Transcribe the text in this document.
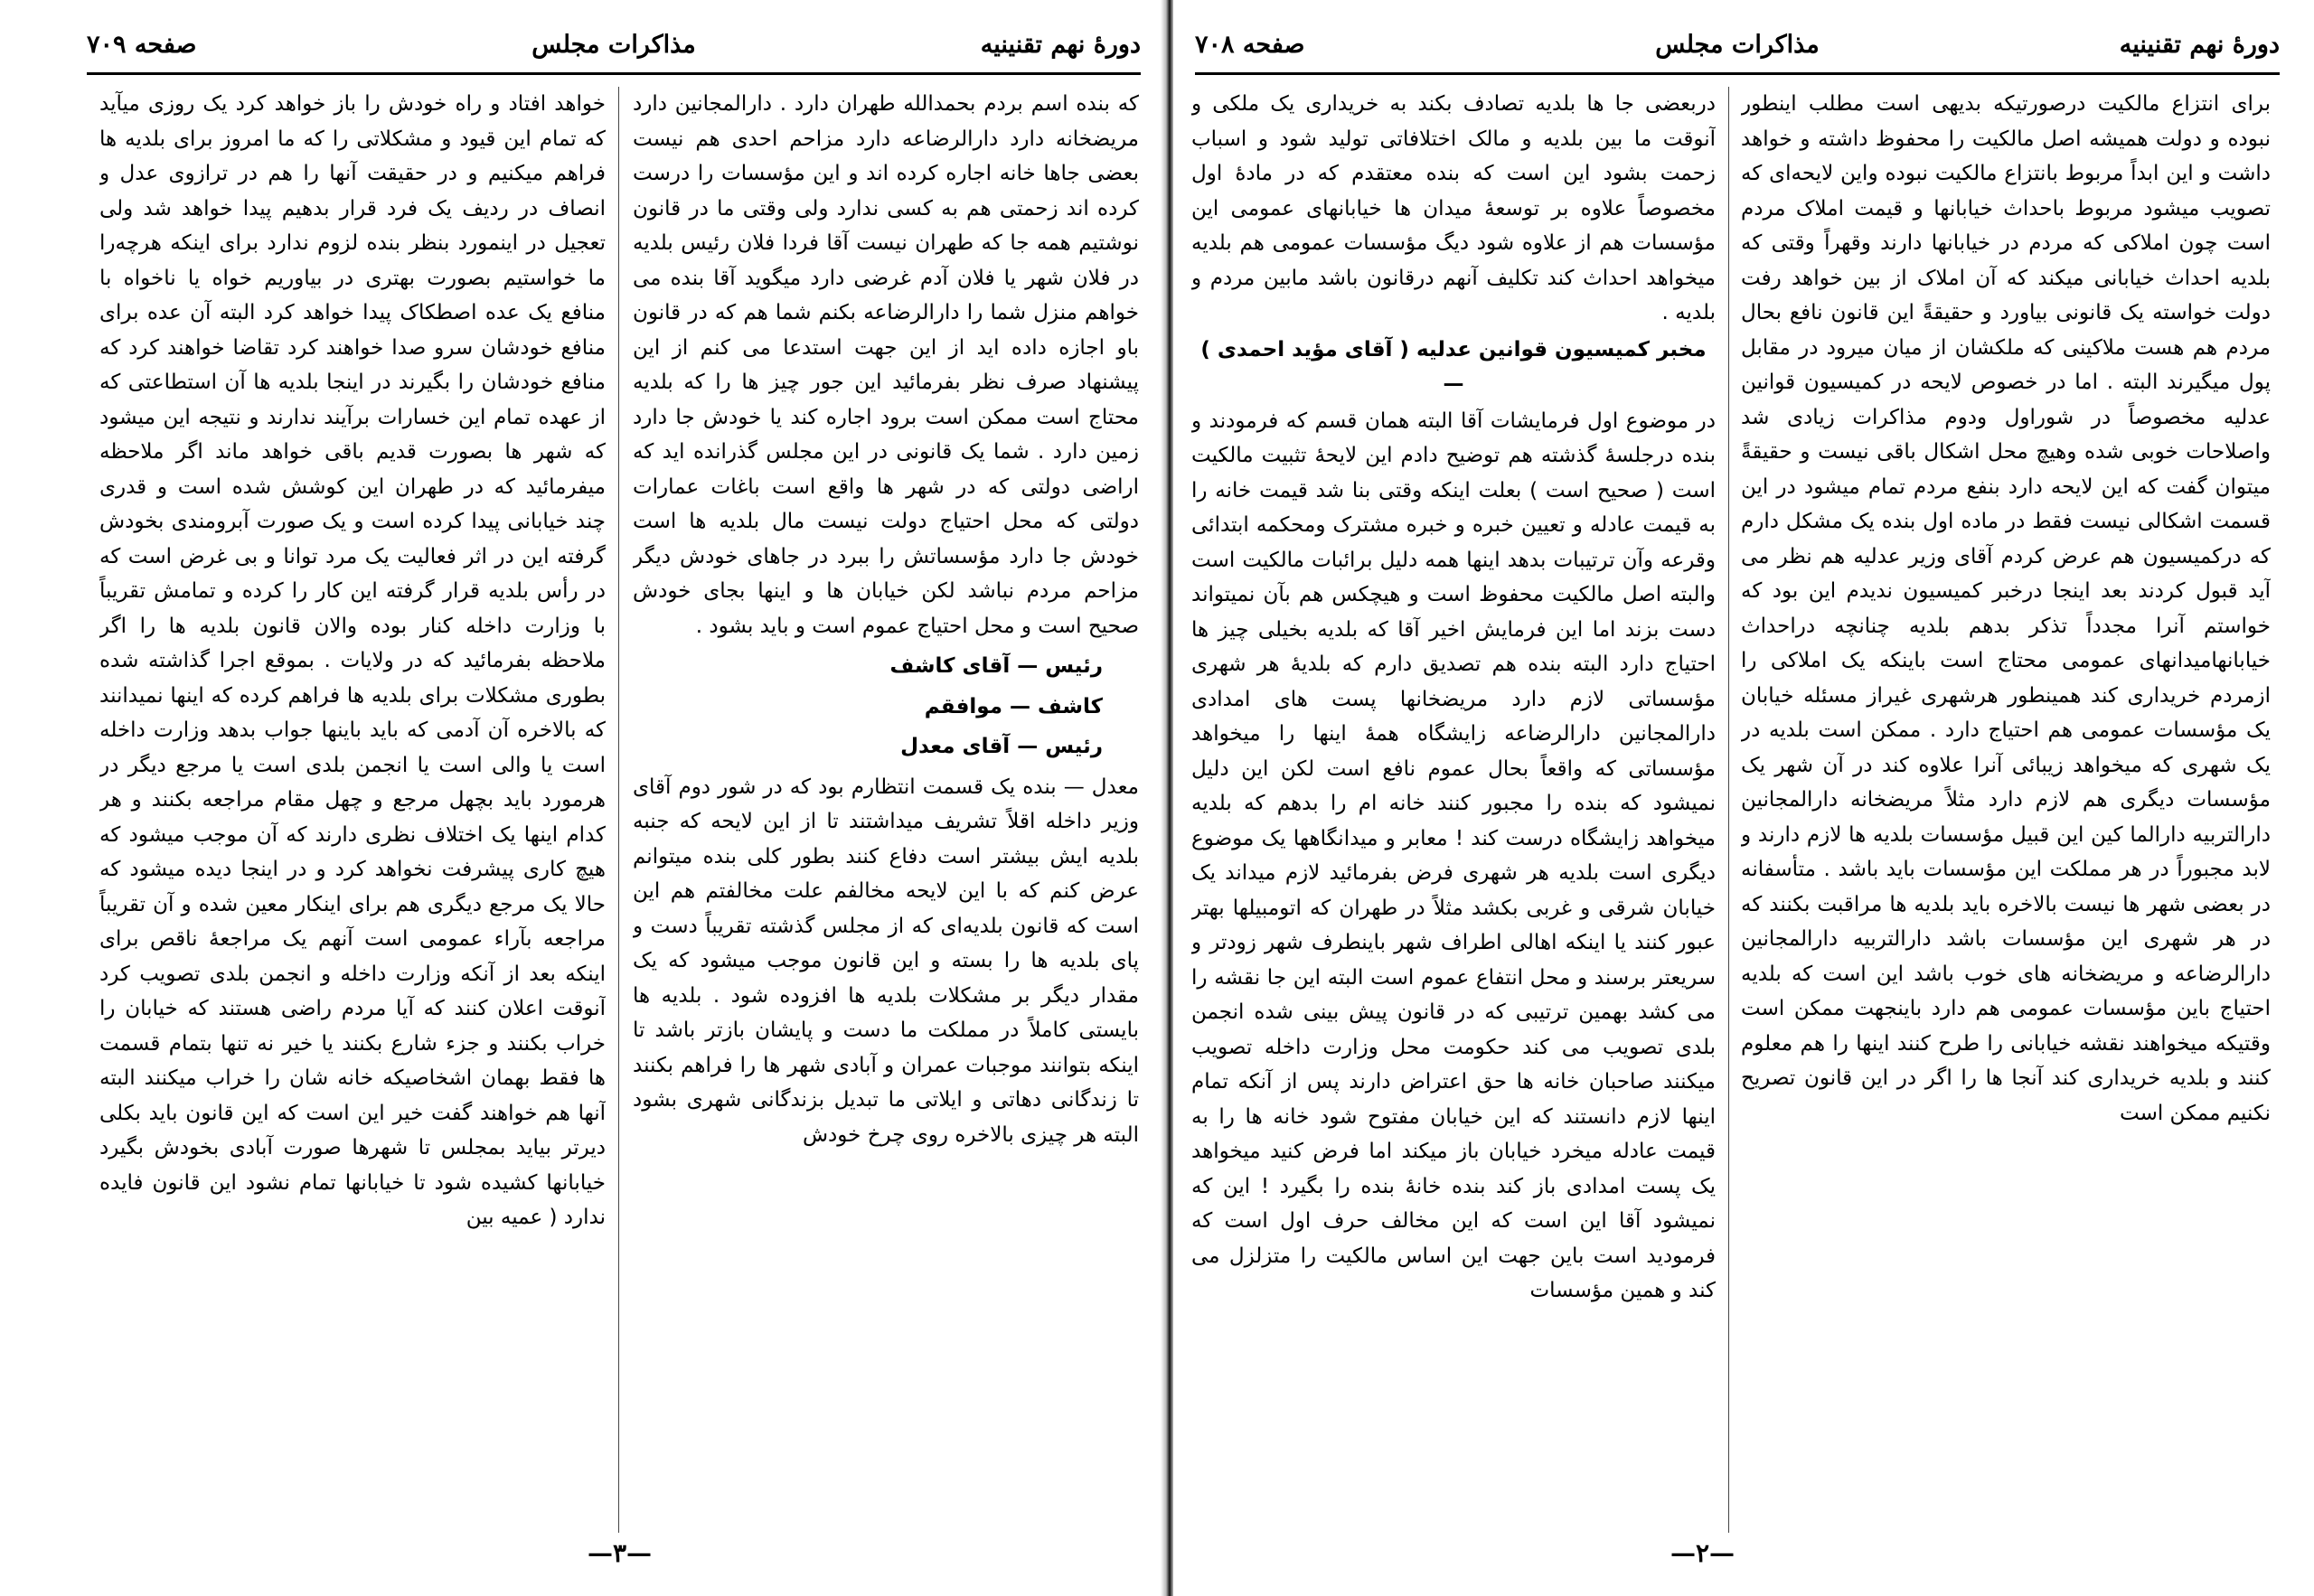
دورهٔ نهم تقنینیه
مذاکرات مجلس
صفحه ۷۰۹

که بنده اسم بردم بحمدالله طهران دارد . دارالمجانین دارد مریضخانه دارد دارالرضاعه دارد مزاحم احدی هم نیست بعضی جاها خانه اجاره کرده اند و این مؤسسات را درست کرده اند زحمتی هم به کسی ندارد ولی وقتی ما در قانون نوشتیم همه جا که طهران نیست آقا فردا فلان رئیس بلدیه در فلان شهر یا فلان آدم غرضی دارد میگوید آقا بنده می خواهم منزل شما را دارالرضاعه بکنم شما هم که در قانون باو اجازه داده اید از این جهت استدعا می کنم از این پیشنهاد صرف نظر بفرمائید این جور چیز ها را که بلدیه محتاج است ممکن است برود اجاره کند یا خودش جا دارد زمین دارد . شما یک قانونی در این مجلس گذرانده اید که اراضی دولتی که در شهر ها واقع است باغات عمارات دولتی که محل احتیاج دولت نیست مال بلدیه ها است خودش جا دارد مؤسساتش را ببرد در جاهای خودش دیگر مزاحم مردم نباشد لکن خیابان ها و اینها بجای خودش صحیح است و محل احتیاج عموم است و باید بشود .

رئیس — آقای کاشف

کاشف — موافقم

رئیس — آقای معدل

معدل — بنده یک قسمت انتظارم بود که در شور دوم آقای وزیر داخله اقلاً تشریف میداشتند تا از این لایحه که جنبه بلدیه ایش بیشتر است دفاع کنند بطور کلی بنده میتوانم عرض کنم که با این لایحه مخالفم علت مخالفتم هم این است که قانون بلدیه‌ای که از مجلس گذشته تقریباً دست و پای بلدیه ها را بسته و این قانون موجب میشود که یک مقدار دیگر بر مشکلات بلدیه ها افزوده شود . بلدیه ها بایستی کاملاً در مملکت ما دست و پایشان بازتر باشد تا اینکه بتوانند موجبات عمران و آبادی شهر ها را فراهم بکنند تا زندگانی دهاتی و ایلاتی ما تبدیل بزندگانی شهری بشود البته هر چیزی بالاخره روی چرخ خودش

خواهد افتاد و راه خودش را باز خواهد کرد یک روزی میآید که تمام این قیود و مشکلاتی را که ما امروز برای بلدیه ها فراهم میکنیم و در حقیقت آنها را هم در ترازوی عدل و انصاف در ردیف یک فرد قرار بدهیم پیدا خواهد شد ولی تعجیل در اینمورد بنظر بنده لزوم ندارد برای اینکه هرچه‌را ما خواستیم بصورت بهتری در بیاوریم خواه یا ناخواه با منافع یک عده اصطکاک پیدا خواهد کرد البته آن عده برای منافع خودشان سرو صدا خواهند کرد تقاضا خواهند کرد که منافع خودشان را بگیرند در اینجا بلدیه ها آن استطاعتی که از عهده تمام این خسارات برآیند ندارند و نتیجه این میشود که شهر ها بصورت قدیم باقی خواهد ماند اگر ملاحظه میفرمائید که در طهران این کوشش شده است و قدری چند خیابانی پیدا کرده است و یک صورت آبرومندی بخودش گرفته این در اثر فعالیت یک مرد توانا و بی غرض است که در رأس بلدیه قرار گرفته این کار را کرده و تمامش تقریباً با وزارت داخله کنار بوده والان قانون بلدیه ها را اگر ملاحظه بفرمائید که در ولایات . بموقع اجرا گذاشته شده بطوری مشکلات برای بلدیه ها فراهم کرده که اینها نمیدانند که بالاخره آن آدمی که باید باینها جواب بدهد وزارت داخله است یا والی است یا انجمن بلدی است یا مرجع دیگر در هرمورد باید بچهل مرجع و چهل مقام مراجعه بکنند و هر کدام اینها یک اختلاف نظری دارند که آن موجب میشود که هیچ کاری پیشرفت نخواهد کرد و در اینجا دیده میشود که حالا یک مرجع دیگری هم برای اینکار معین شده و آن تقریباً مراجعه بآراء عمومی است آنهم یک مراجعهٔ ناقص برای اینکه بعد از آنکه وزارت داخله و انجمن بلدی تصویب کرد آنوقت اعلان کنند که آیا مردم راضی هستند که خیابان را خراب بکنند و جزء شارع بکنند یا خیر نه تنها بتمام قسمت ها فقط بهمان اشخاصیکه خانه شان را خراب میکنند البته آنها هم خواهند گفت خیر این است که این قانون باید بکلی دیرتر بیاید بمجلس تا شهرها صورت آبادی بخودش بگیرد خیابانها کشیده شود تا خیابانها تمام نشود این قانون فایده ندارد ( عمیه بین

—۳—
دورهٔ نهم تقنینیه
مذاکرات مجلس
صفحه ۷۰۸

برای انتزاع مالکیت درصورتیکه بدیهی است مطلب اینطور نبوده و دولت همیشه اصل مالکیت را محفوظ داشته و خواهد داشت و این ابداً مربوط بانتزاع مالکیت نبوده واین لایحه‌ای که تصویب میشود مربوط باحداث خیابانها و قیمت املاک مردم است چون املاکی که مردم در خیابانها دارند وقهراً وقتی که بلدیه احداث خیابانی میکند که آن املاک از بین خواهد رفت دولت خواسته یک قانونی بیاورد و حقیقةً این قانون نافع بحال مردم هم هست ملاکینی که ملکشان از میان میرود در مقابل پول میگیرند البته . اما در خصوص لایحه در کمیسیون قوانین عدلیه مخصوصاً در شوراول ودوم مذاکرات زیادی شد واصلاحات خوبی شده وهیچ محل اشکال باقی نیست و حقیقةً میتوان گفت که این لایحه دارد بنفع مردم تمام میشود در این قسمت اشکالی نیست فقط در ماده اول بنده یک مشکل دارم که درکمیسیون هم عرض کردم آقای وزیر عدلیه هم نظر می آید قبول کردند بعد اینجا درخبر کمیسیون ندیدم این بود که خواستم آنرا مجدداً تذکر بدهم بلدیه چنانچه دراحداث خیابانهامیدانهای عمومی محتاج است باینکه یک املاکی را ازمردم خریداری کند همینطور هرشهری غیراز مسئله خیابان یک مؤسسات عمومی هم احتیاج دارد . ممکن است بلدیه در یک شهری که میخواهد زیبائی آنرا علاوه کند در آن شهر یک مؤسسات دیگری هم لازم دارد مثلاً مریضخانه دارالمجانین دارالتربیه دارالما کین این قبیل مؤسسات بلدیه ها لازم دارند و لابد مجبوراً در هر مملکت این مؤسسات باید باشد . متأسفانه در بعضی شهر ها نیست بالاخره باید بلدیه ها مراقبت بکنند که در هر شهری این مؤسسات باشد دارالتربیه دارالمجانین دارالرضاعه و مریضخانه های خوب باشد این است که بلدیه احتیاج باین مؤسسات عمومی هم دارد باینجهت ممکن است وقتیکه میخواهند نقشه خیابانی را طرح کنند اینها را هم معلوم کنند و بلدیه خریداری کند آنجا ها را اگر در این قانون تصریح نکنیم ممکن است

دربعضی جا ها بلدیه تصادف بکند به خریداری یک ملکی و آنوقت ما بین بلدیه و مالک اختلافاتی تولید شود و اسباب زحمت بشود این است که بنده معتقدم که در مادهٔ اول مخصوصاً علاوه بر توسعهٔ میدان ها خیابانهای عمومی این مؤسسات هم از علاوه شود دیگ مؤسسات عمومی هم بلدیه میخواهد احداث کند تکلیف آنهم درقانون باشد مابین مردم و بلدیه .

مخبر کمیسیون قوانین عدلیه ( آقای مؤید احمدی ) —

در موضوع اول فرمایشات آقا البته همان قسم که فرمودند و بنده درجلسهٔ گذشته هم توضیح دادم این لایحهٔ تثبیت مالکیت است ( صحیح است ) بعلت اینکه وقتی بنا شد قیمت خانه را به قیمت عادله و تعیین خبره و خبره مشترک ومحکمه ابتدائی وقرعه وآن ترتیبات بدهد اینها همه دلیل برائبات مالکیت است والبته اصل مالکیت محفوظ است و هیچکس هم بآن نمیتواند دست بزند اما این فرمایش اخیر آقا که بلدیه بخیلی چیز ها احتیاج دارد البته بنده هم تصدیق دارم که بلدیهٔ هر شهری مؤسساتی لازم دارد مریضخانها پست های امدادی دارالمجانین دارالرضاعه زایشگاه همهٔ اینها را میخواهد مؤسساتی که واقعاً بحال عموم نافع است لکن این دلیل نمیشود که بنده را مجبور کنند خانه ام را بدهم که بلدیه میخواهد زایشگاه درست کند ! معابر و میدانگاهها یک موضوع دیگری است بلدیه هر شهری فرض بفرمائید لازم میداند یک خیابان شرقی و غربی بکشد مثلاً در طهران که اتومبیلها بهتر عبور کنند یا اینکه اهالی اطراف شهر باینطرف شهر زودتر و سریعتر برسند و محل انتفاع عموم است البته این جا نقشه را می کشد بهمین ترتیبی که در قانون پیش بینی شده انجمن بلدی تصویب می کند حکومت محل وزارت داخله تصویب میکنند صاحبان خانه ها حق اعتراض دارند پس از آنکه تمام اینها لازم دانستند که این خیابان مفتوح شود خانه ها را به قیمت عادله میخرد خیابان باز میکند اما فرض کنید میخواهد یک پست امدادی باز کند بنده خانهٔ بنده را بگیرد ! این که نمیشود آقا این است که این مخالف حرف اول است که فرمودید است باین جهت این اساس مالکیت را متزلزل می کند و همین مؤسسات

—۲—
